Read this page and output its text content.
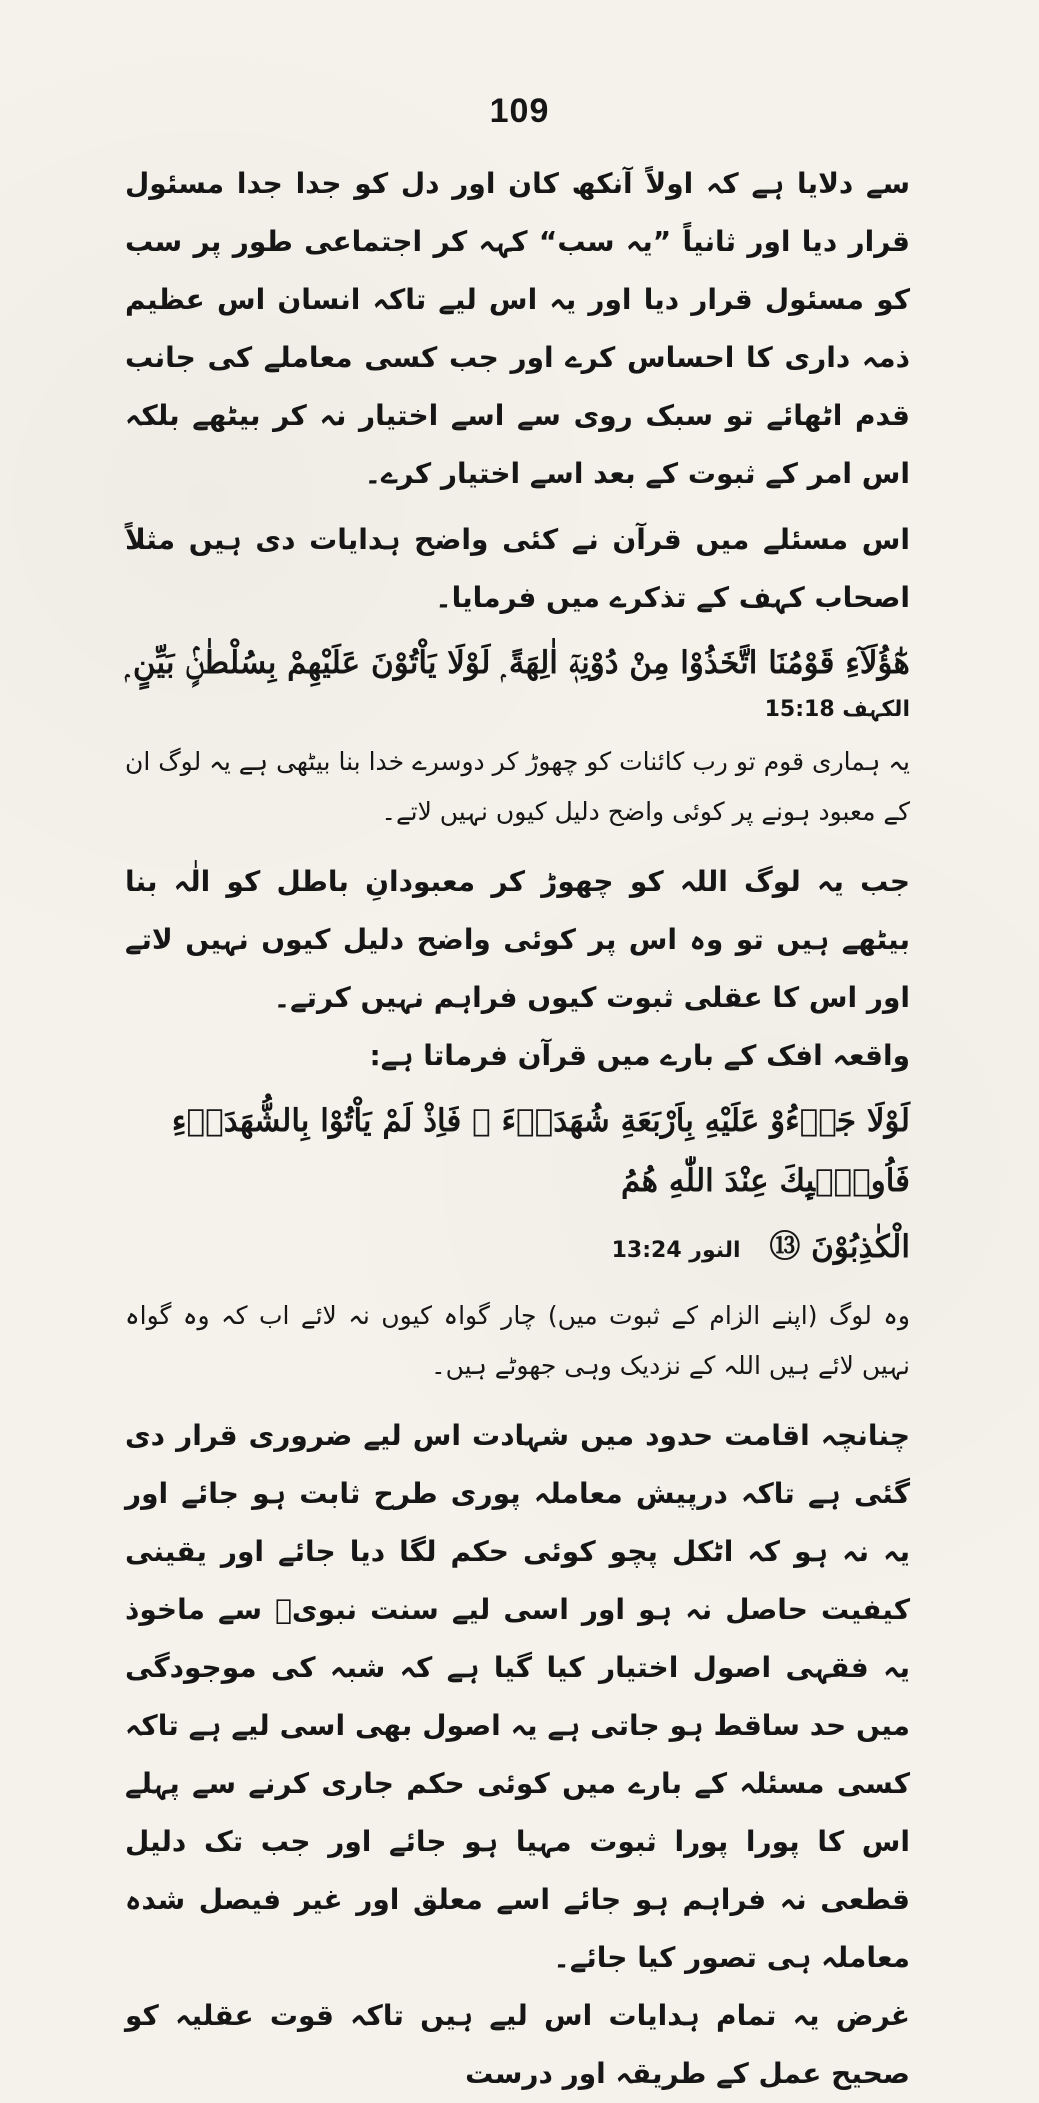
109

سے دلایا ہے کہ اولاً آنکھ کان اور دل کو جدا جدا مسئول قرار دیا اور ثانیاً ”یہ سب“ کہہ کر اجتماعی طور پر سب کو مسئول قرار دیا اور یہ اس لیے تاکہ انسان اس عظیم ذمہ داری کا احساس کرے اور جب کسی معاملے کی جانب قدم اٹھائے تو سبک روی سے اسے اختیار نہ کر بیٹھے بلکہ اس امر کے ثبوت کے بعد اسے اختیار کرے۔

اس مسئلے میں قرآن نے کئی واضح ہدایات دی ہیں مثلاً اصحاب کہف کے تذکرے میں فرمایا۔

هٰٓؤُلَآءِ قَوْمُنَا اتَّخَذُوْا مِنْ دُوْنِهٖٓ اٰلِهَةً ۭ لَوْلَا يَاْتُوْنَ عَلَيْهِمْ بِسُلْطٰنٍۢ بَيِّنٍ ۭ

الکہف 15:18

یہ ہماری قوم تو رب کائنات کو چھوڑ کر دوسرے خدا بنا بیٹھی ہے یہ لوگ ان کے معبود ہونے پر کوئی واضح دلیل کیوں نہیں لاتے۔

جب یہ لوگ اللہ کو چھوڑ کر معبودانِ باطل کو الٰہ بنا بیٹھے ہیں تو وہ اس پر کوئی واضح دلیل کیوں نہیں لاتے اور اس کا عقلی ثبوت کیوں فراہم نہیں کرتے۔

واقعہ افک کے بارے میں قرآن فرماتا ہے:

لَوْلَا جَاۗءُوْ عَلَيْهِ بِاَرْبَعَةِ شُهَدَاۗءَ ۚ فَاِذْ لَمْ يَاْتُوْا بِالشُّهَدَاۗءِ فَاُولٰۗىِٕكَ عِنْدَ اللّٰهِ هُمُ

الْكٰذِبُوْنَ ⑬ النور 13:24

وہ لوگ (اپنے الزام کے ثبوت میں) چار گواہ کیوں نہ لائے اب کہ وہ گواہ نہیں لائے ہیں اللہ کے نزدیک وہی جھوٹے ہیں۔

چنانچہ اقامت حدود میں شہادت اس لیے ضروری قرار دی گئی ہے تاکہ درپیش معاملہ پوری طرح ثابت ہو جائے اور یہ نہ ہو کہ اٹکل پچو کوئی حکم لگا دیا جائے اور یقینی کیفیت حاصل نہ ہو اور اسی لیے سنت نبویؐ سے ماخوذ یہ فقہی اصول اختیار کیا گیا ہے کہ شبہ کی موجودگی میں حد ساقط ہو جاتی ہے یہ اصول بھی اسی لیے ہے تاکہ کسی مسئلہ کے بارے میں کوئی حکم جاری کرنے سے پہلے اس کا پورا پورا ثبوت مہیا ہو جائے اور جب تک دلیل قطعی نہ فراہم ہو جائے اسے معلق اور غیر فیصل شدہ معاملہ ہی تصور کیا جائے۔

غرض یہ تمام ہدایات اس لیے ہیں تاکہ قوت عقلیہ کو صحیح عمل کے طریقہ اور درست
